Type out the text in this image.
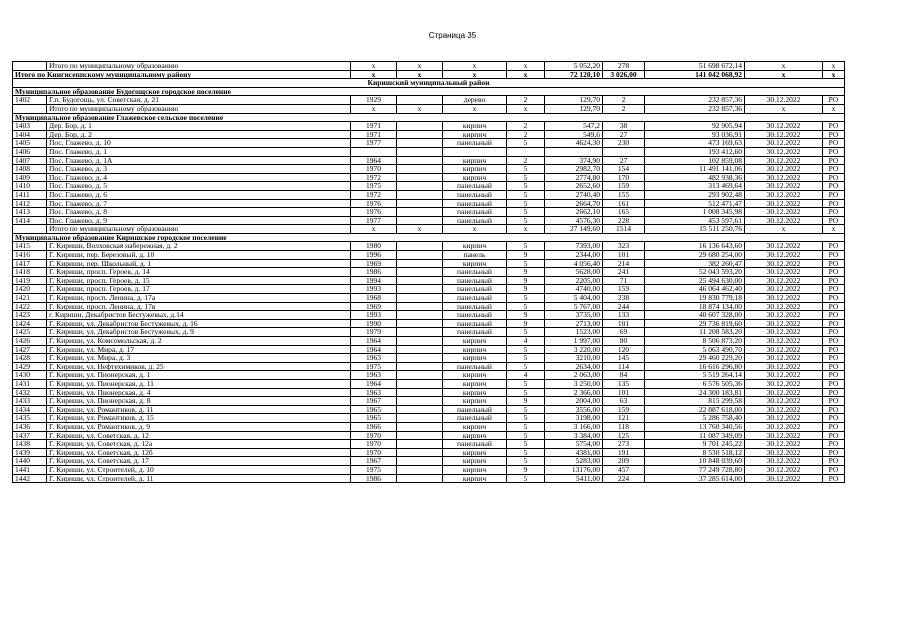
Страница 35
	Итого по муниципальному образованию	x	x	x	x	5 052,20	278	51 698 672,14	x	x
Итого по Кингисеппскому муниципальному району		x	x	x	x	72 120,10	3 026,00	141 042 068,92	x	x
Киришский муниципальный район										
Муниципальное образование Будогощское городское поселение										
1402	Г.п. Будогощь, ул. Советская, д. 21	1929		дерево	2	129,70	2	232 857,36	30.12.2022	РО
	Итого по муниципальному образованию	x	x	x	x	129,70	2	232 857,36	x	x
Муниципальное образование Глажевское сельское поселение										
1403	Дер. Бор, д. 1	1971		кирпич	2	547,2	38	92 905,94	30.12.2022	РО
1404	Дер. Бор, д. 2	1971		кирпич	2	549,6	27	93 036,91	30.12.2022	РО
1405	Пос. Глажево, д. 10	1977		панельный	5	4624,30	230	473 169,63	30.12.2022	РО
1406	Пос. Глажево, д. 1							193 412,60	30.12.2022	РО
1407	Пос. Глажево, д. 1А	1964		кирпич	2	374,90	27	102 859,08	30.12.2022	РО
1408	Пос. Глажево, д. 3	1970		кирпич	5	2982,70	154	11 491 141,06	30.12.2022	РО
1409	Пос. Глажево, д. 4	1972		кирпич	5	2774,80	170	482 938,36	30.12.2022	РО
1410	Пос. Глажево, д. 5	1975		панельный	5	2652,60	159	313 469,64	30.12.2022	РО
1411	Пос. Глажево, д. 6	1972		панельный	5	2740,40	155	293 902,48	30.12.2022	РО
1412	Пос. Глажево, д. 7	1976		панельный	5	2664,70	161	512 471,47	30.12.2022	РО
1413	Пос. Глажево, д. 8	1976		панельный	5	2662,10	165	1 008 345,98	30.12.2022	РО
1414	Пос. Глажево, д. 9	1977		панельный	5	4576,30	228	453 597,61	30.12.2022	РО
	Итого по муниципальному образованию	x	x	x	x	27 149,60	1514	15 511 250,76	x	x
Муниципальное образование Киришское городское поселение										
1415	Г. Кириши, Волховская набережная, д. 2	1980		кирпич	5	7393,00	323	16 136 643,60	30.12.2022	РО
1416	Г. Кириши, пер. Березовый, д. 10	1996		панель	9	2344,00	101	29 680 254,00	30.12.2022	РО
1417	Г. Кириши, пер. Школьный, д. 1	1969		кирпич	5	4 056,40	214	382 260,47	30.12.2022	РО
1418	Г. Кириши, просп. Героев, д. 14	1986		панельный	9	5628,00	241	52 043 593,20	30.12.2022	РО
1419	Г. Кириши, просп. Героев, д. 15	1994		панельный	9	2205,00	71	25 494 630,00	30.12.2022	РО
1420	Г. Кириши, просп. Героев, д. 17	1993		панельный	9	4740,00	159	46 064 462,40	30.12.2022	РО
1421	Г. Кириши, просп. Ленина, д. 17а	1968		панельный	5	5 404,00	238	19 830 779,18	30.12.2022	РО
1422	Г. Кириши, просп. Ленина, д. 17в	1969		панельный	5	5 767,00	244	18 874 134,00	30.12.2022	РО
1423	г. Кириши, Декабристов Бестужевых, д.14	1993		панельный	9	3735,00	133	40 607 328,00	30.12.2022	РО
1424	Г. Кириши, ул. Декабристов Бестужевых, д. 16	1990		панельный	9	2713,00	101	29 736 819,60	30.12.2022	РО
1425	Г. Кириши, ул. Декабристов Бестужевых, д. 9	1979		панельный	5	1523,00	69	11 208 583,20	30.12.2022	РО
1426	Г. Кириши, ул. Комсомольская, д. 2	1964		кирпич	4	1 997,00	80	8 506 873,20	30.12.2022	РО
1427	Г. Кириши, ул. Мира, д. 17	1964		кирпич	5	3 220,00	120	5 063 490,70	30.12.2022	РО
1428	Г. Кириши, ул. Мира, д. 3	1963		кирпич	5	3210,00	145	29 460 229,20	30.12.2022	РО
1429	Г. Кириши, ул. Нефтехимиков, д. 25	1975		панельный	5	2634,00	114	16 616 296,80	30.12.2022	РО
1430	Г. Кириши, ул. Пионерская, д. 1	1963		кирпич	4	2 063,00	84	5 519 264,14	30.12.2022	РО
1431	Г. Кириши, ул. Пионерская, д. 11	1964		кирпич	5	3 250,00	135	6 576 505,36	30.12.2022	РО
1432	Г. Кириши, ул. Пионерская, д. 4	1963		кирпич	5	2 366,00	101	24 300 183,81	30.12.2022	РО
1433	Г. Кириши, ул. Пионерская, д. 8	1967		кирпич	9	2004,00	63	815 299,58	30.12.2022	РО
1434	Г. Кириши, ул. Романтиков, д. 11	1965		панельный	5	3556,00	159	22 887 618,00	30.12.2022	РО
1435	Г. Кириши, ул. Романтиков, д. 15	1965		панельный	5	3198,00	121	5 286 758,40	30.12.2022	РО
1436	Г. Кириши, ул. Романтиков, д. 9	1966		кирпич	5	3 166,00	118	13 760 340,56	30.12.2022	РО
1437	Г. Кириши, ул. Советская, д. 12	1970		кирпич	5	3 384,00	125	11 087 349,09	30.12.2022	РО
1438	Г. Кириши, ул. Советская, д. 12а	1970		панельный	5	5754,00	273	9 701 245,22	30.12.2022	РО
1439	Г. Кириши, ул. Советская, д. 12б	1970		кирпич	5	4381,00	191	8 530 518,12	30.12.2022	РО
1440	Г. Кириши, ул. Советская, д. 17	1967		кирпич	5	5283,00	209	10 848 039,60	30.12.2022	РО
1441	Г. Кириши, ул. Строителей, д. 10	1975		кирпич	9	13176,00	457	77 249 728,80	30.12.2022	РО
1442	Г. Кириши, ул. Строителей, д. 11	1986		кирпич	5	5411,00	224	37 285 614,00	30.12.2022	РО
